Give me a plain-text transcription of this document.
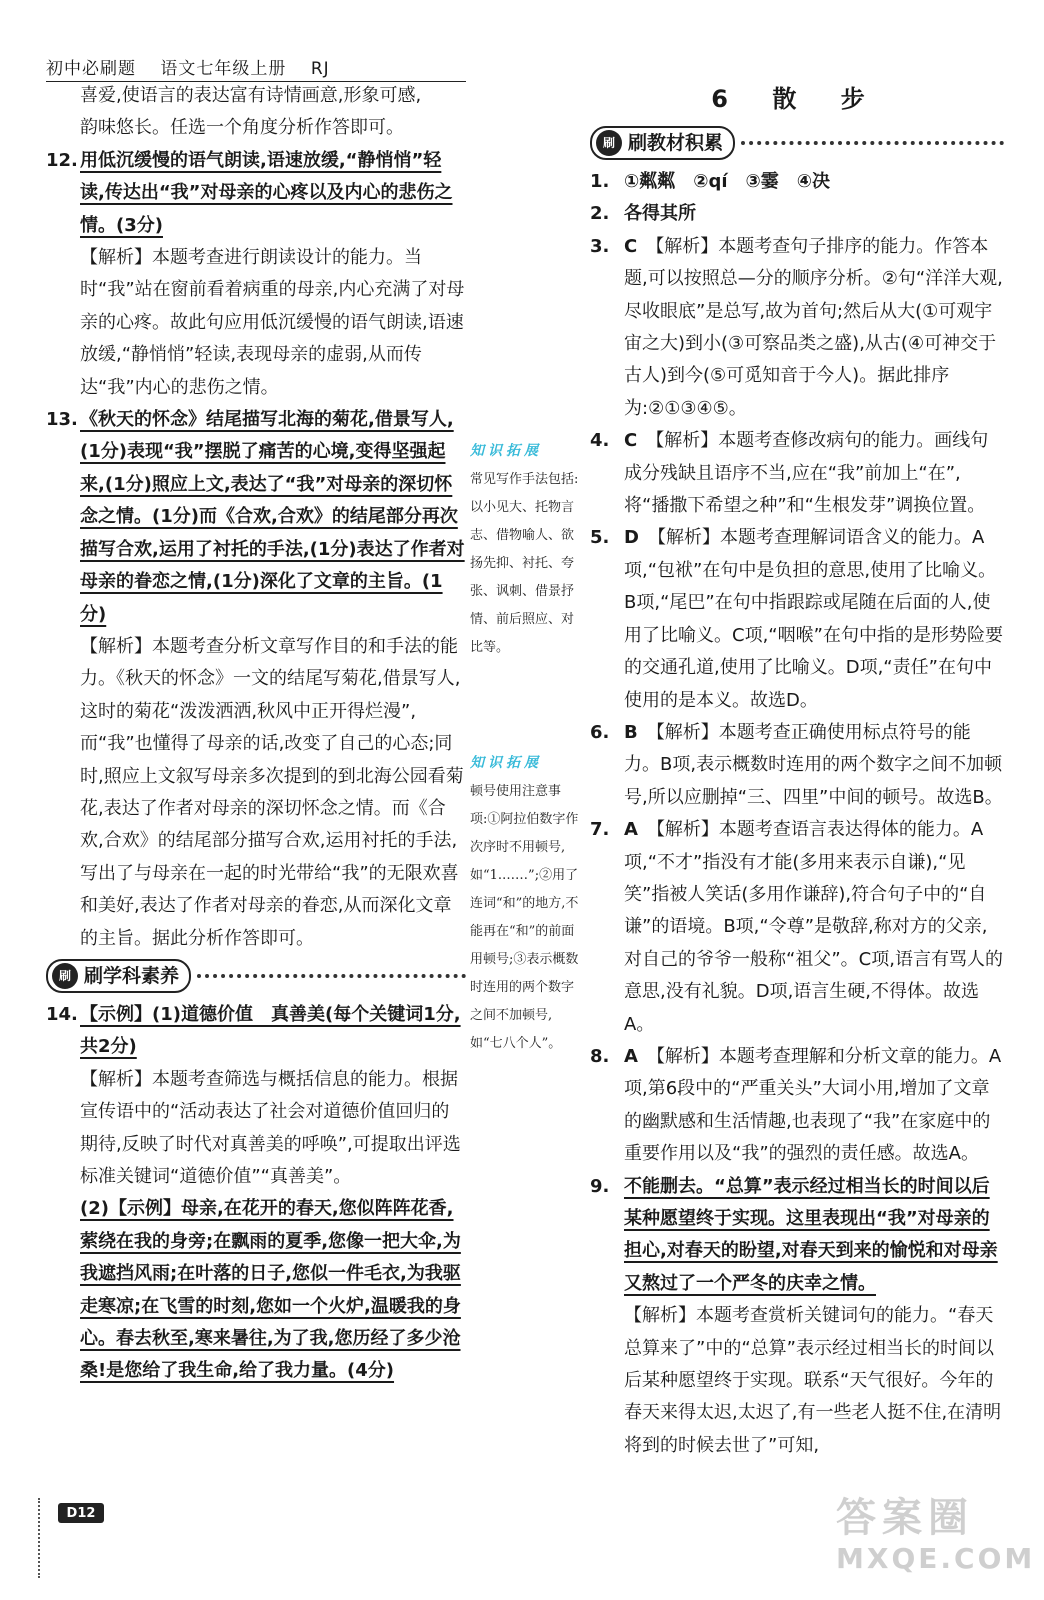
初中必刷题 语文七年级上册 RJ

喜爱,使语言的表达富有诗情画意,形象可感,

韵味悠长。任选一个角度分析作答即可。

12. 用低沉缓慢的语气朗读,语速放缓,“静悄悄”轻读,传达出“我”对母亲的心疼以及内心的悲伤之情。(3分)

【解析】本题考查进行朗读设计的能力。当时“我”站在窗前看着病重的母亲,内心充满了对母亲的心疼。故此句应用低沉缓慢的语气朗读,语速放缓,“静悄悄”轻读,表现母亲的虚弱,从而传达“我”内心的悲伤之情。

13. 《秋天的怀念》结尾描写北海的菊花,借景写人,(1分)表现“我”摆脱了痛苦的心境,变得坚强起来,(1分)照应上文,表达了“我”对母亲的深切怀念之情。(1分)而《合欢,合欢》的结尾部分再次描写合欢,运用了衬托的手法,(1分)表达了作者对母亲的眷恋之情,(1分)深化了文章的主旨。(1分)

【解析】本题考查分析文章写作目的和手法的能力。《秋天的怀念》一文的结尾写菊花,借景写人,这时的菊花“泼泼洒洒,秋风中正开得烂漫”,而“我”也懂得了母亲的话,改变了自己的心态;同时,照应上文叙写母亲多次提到的到北海公园看菊花,表达了作者对母亲的深切怀念之情。而《合欢,合欢》的结尾部分描写合欢,运用衬托的手法,写出了与母亲在一起的时光带给“我”的无限欢喜和美好,表达了作者对母亲的眷恋,从而深化文章的主旨。据此分析作答即可。

刷 刷学科素养
14. 【示例】(1)道德价值　真善美(每个关键词1分,共2分)

【解析】本题考查筛选与概括信息的能力。根据宣传语中的“活动表达了社会对道德价值回归的期待,反映了时代对真善美的呼唤”,可提取出评选标准关键词“道德价值”“真善美”。

(2)【示例】母亲,在花开的春天,您似阵阵花香,萦绕在我的身旁;在飘雨的夏季,您像一把大伞,为我遮挡风雨;在叶落的日子,您似一件毛衣,为我驱走寒凉;在飞雪的时刻,您如一个火炉,温暖我的身心。春去秋至,寒来暑往,为了我,您历经了多少沧桑!是您给了我生命,给了我力量。(4分)

知识拓展
常见写作手法包括:以小见大、托物言志、借物喻人、欲扬先抑、衬托、夸张、讽刺、借景抒情、前后照应、对比等。
知识拓展
顿号使用注意事项:①阿拉伯数字作次序时不用顿号,如“1.……”;②用了连词“和”的地方,不能再在“和”的前面用顿号;③表示概数时连用的两个数字之间不加顿号,如“七八个人”。
6 散 步
刷 刷教材积累
1. ①粼粼　②qí　③霎　④决

2. 各得其所

3. C　 【解析】本题考查句子排序的能力。作答本题,可以按照总—分的顺序分析。②句“洋洋大观,尽收眼底”是总写,故为首句;然后从大(①可观宇宙之大)到小(③可察品类之盛),从古(④可神交于古人)到今(⑤可觅知音于今人)。据此排序为:②①③④⑤。

4. C　 【解析】本题考查修改病句的能力。画线句成分残缺且语序不当,应在“我”前加上“在”,将“播撒下希望之种”和“生根发芽”调换位置。

5. D　 【解析】本题考查理解词语含义的能力。A项,“包袱”在句中是负担的意思,使用了比喻义。B项,“尾巴”在句中指跟踪或尾随在后面的人,使用了比喻义。C项,“咽喉”在句中指的是形势险要的交通孔道,使用了比喻义。D项,“责任”在句中使用的是本义。故选D。

6. B　 【解析】本题考查正确使用标点符号的能力。B项,表示概数时连用的两个数字之间不加顿号,所以应删掉“三、四里”中间的顿号。故选B。

7. A　 【解析】本题考查语言表达得体的能力。A项,“不才”指没有才能(多用来表示自谦),“见笑”指被人笑话(多用作谦辞),符合句子中的“自谦”的语境。B项,“令尊”是敬辞,称对方的父亲,对自己的爷爷一般称“祖父”。C项,语言有骂人的意思,没有礼貌。D项,语言生硬,不得体。故选A。

8. A　 【解析】本题考查理解和分析文章的能力。A项,第6段中的“严重关头”大词小用,增加了文章的幽默感和生活情趣,也表现了“我”在家庭中的重要作用以及“我”的强烈的责任感。故选A。

9. 不能删去。“总算”表示经过相当长的时间以后某种愿望终于实现。这里表现出“我”对母亲的担心,对春天的盼望,对春天到来的愉悦和对母亲又熬过了一个严冬的庆幸之情。

【解析】本题考查赏析关键词句的能力。“春天总算来了”中的“总算”表示经过相当长的时间以后某种愿望终于实现。联系“天气很好。今年的春天来得太迟,太迟了,有一些老人挺不住,在清明将到的时候去世了”可知,

D12	答案圈
MXQE.COM
